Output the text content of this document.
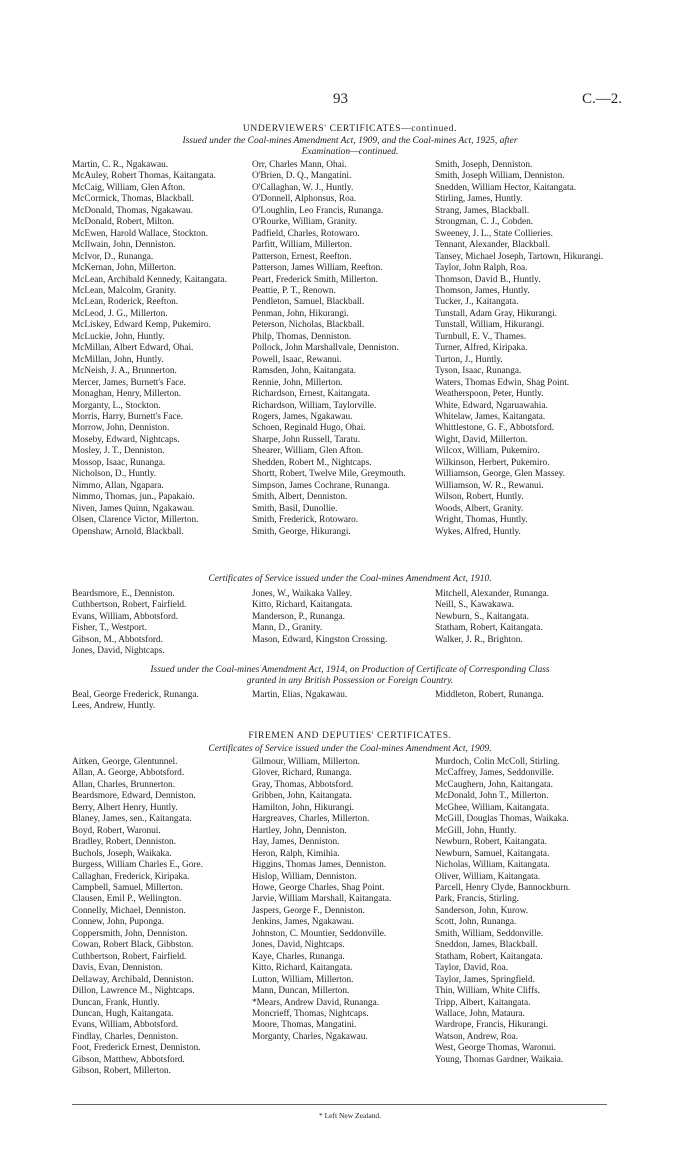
93	C.—2.
UNDERVIEWERS' CERTIFICATES—continued.
Issued under the Coal-mines Amendment Act, 1909, and the Coal-mines Act, 1925, after
Examination—continued.
Martin, C. R., Ngakawau.
McAuley, Robert Thomas, Kaitangata.
McCaig, William, Glen Afton.
McCormick, Thomas, Blackball.
McDonald, Thomas, Ngakawau.
McDonald, Robert, Milton.
McEwen, Harold Wallace, Stockton.
McIlwain, John, Denniston.
McIvor, D., Runanga.
McKernan, John, Millerton.
McLean, Archibald Kennedy, Kaitangata.
McLean, Malcolm, Granity.
McLean, Roderick, Reefton.
McLeod, J. G., Millerton.
McLiskey, Edward Kemp, Pukemiro.
McLuckie, John, Huntly.
McMillan, Albert Edward, Ohai.
McMillan, John, Huntly.
McNeish, J. A., Brunnerton.
Mercer, James, Burnett's Face.
Monaghan, Henry, Millerton.
Morganty, L., Stockton.
Morris, Harry, Burnett's Face.
Morrow, John, Denniston.
Moseby, Edward, Nightcaps.
Mosley, J. T., Denniston.
Mossop, Isaac, Runanga.
Nicholson, D., Huntly.
Nimmo, Allan, Ngapara.
Nimmo, Thomas, jun., Papakaio.
Niven, James Quinn, Ngakawau.
Olsen, Clarence Victor, Millerton.
Openshaw, Arnold, Blackball.
Orr, Charles Mann, Ohai.
O'Brien, D. Q., Mangatini.
O'Callaghan, W. J., Huntly.
O'Donnell, Alphonsus, Roa.
O'Loughlin, Leo Francis, Runanga.
O'Rourke, William, Granity.
Padfield, Charles, Rotowaro.
Parfitt, William, Millerton.
Patterson, Ernest, Reefton.
Patterson, James William, Reefton.
Peart, Frederick Smith, Millerton.
Peattie, P. T., Renown.
Pendleton, Samuel, Blackball.
Penman, John, Hikurangi.
Peterson, Nicholas, Blackball.
Philp, Thomas, Denniston.
Pollock, John Marshallvale, Denniston.
Powell, Isaac, Rewanui.
Ramsden, John, Kaitangata.
Rennie, John, Millerton.
Richardson, Ernest, Kaitangata.
Richardson, William, Taylorville.
Rogers, James, Ngakawau.
Schoen, Reginald Hugo, Ohai.
Sharpe, John Russell, Taratu.
Shearer, William, Glen Afton.
Shedden, Robert M., Nightcaps.
Shortt, Robert, Twelve Mile, Greymouth.
Simpson, James Cochrane, Runanga.
Smith, Albert, Denniston.
Smith, Basil, Dunollie.
Smith, Frederick, Rotowaro.
Smith, George, Hikurangi.
Smith, Joseph, Denniston.
Smith, Joseph William, Denniston.
Snedden, William Hector, Kaitangata.
Stirling, James, Huntly.
Strang, James, Blackball.
Strongman, C. J., Cobden.
Sweeney, J. L., State Collieries.
Tennant, Alexander, Blackball.
Tansey, Michael Joseph, Tartown, Hikurangi.
Taylor, John Ralph, Roa.
Thomson, David B., Huntly.
Thomson, James, Huntly.
Tucker, J., Kaitangata.
Tunstall, Adam Gray, Hikurangi.
Tunstall, William, Hikurangi.
Turnbull, E. V., Thames.
Turner, Alfred, Kiripaka.
Turton, J., Huntly.
Tyson, Isaac, Runanga.
Waters, Thomas Edwin, Shag Point.
Weatherspoon, Peter, Huntly.
White, Edward, Ngaruawahia.
Whitelaw, James, Kaitangata.
Whittlestone, G. F., Abbotsford.
Wight, David, Millerton.
Wilcox, William, Pukemiro.
Wilkinson, Herbert, Pukemiro.
Williamson, George, Glen Massey.
Williamson, W. R., Rewanui.
Wilson, Robert, Huntly.
Woods, Albert, Granity.
Wright, Thomas, Huntly.
Wykes, Alfred, Huntly.
Certificates of Service issued under the Coal-mines Amendment Act, 1910.
Beardsmore, E., Denniston.
Cuthbertson, Robert, Fairfield.
Evans, William, Abbotsford.
Fisher, T., Westport.
Gibson, M., Abbotsford.
Jones, David, Nightcaps.
Jones, W., Waikaka Valley.
Kitto, Richard, Kaitangata.
Manderson, P., Runanga.
Mann, D., Granity.
Mason, Edward, Kingston Crossing.
Mitchell, Alexander, Runanga.
Neill, S., Kawakawa.
Newburn, S., Kaitangata.
Statham, Robert, Kaitangata.
Walker, J. R., Brighton.
Issued under the Coal-mines Amendment Act, 1914, on Production of Certificate of Corresponding Class
granted in any British Possession or Foreign Country.
Beal, George Frederick, Runanga.
Lees, Andrew, Huntly.
Martin, Elias, Ngakawau.	Middleton, Robert, Runanga.
FIREMEN AND DEPUTIES' CERTIFICATES.
Certificates of Service issued under the Coal-mines Amendment Act, 1909.
Aitken, George, Glentunnel.
Allan, A. George, Abbotsford.
Allan, Charles, Brunnerton.
Beardsmore, Edward, Denniston.
Berry, Albert Henry, Huntly.
Blaney, James, sen., Kaitangata.
Boyd, Robert, Waronui.
Bradley, Robert, Denniston.
Buchols, Joseph, Waikaka.
Burgess, William Charles E., Gore.
Callaghan, Frederick, Kiripaka.
Campbell, Samuel, Millerton.
Clausen, Emil P., Wellington.
Connelly, Michael, Denniston.
Connew, John, Puponga.
Coppersmith, John, Denniston.
Cowan, Robert Black, Gibbston.
Cuthbertson, Robert, Fairfield.
Davis, Evan, Denniston.
Dellaway, Archibald, Denniston.
Dillon, Lawrence M., Nightcaps.
Duncan, Frank, Huntly.
Duncan, Hugh, Kaitangata.
Evans, William, Abbotsford.
Findlay, Charles, Denniston.
Foot, Frederick Ernest, Denniston.
Gibson, Matthew, Abbotsford.
Gibson, Robert, Millerton.
Gilmour, William, Millerton.
Glover, Richard, Runanga.
Gray, Thomas, Abbotsford.
Gribben, John, Kaitangata.
Hamilton, John, Hikurangi.
Hargreaves, Charles, Millerton.
Hartley, John, Denniston.
Hay, James, Denniston.
Heron, Ralph, Kimihia.
Higgins, Thomas James, Denniston.
Hislop, William, Denniston.
Howe, George Charles, Shag Point.
Jarvie, William Marshall, Kaitangata.
Jaspers, George F., Denniston.
Jenkins, James, Ngakawau.
Johnston, C. Mountier, Seddonville.
Jones, David, Nightcaps.
Kaye, Charles, Runanga.
Kitto, Richard, Kaitangata.
Lutton, William, Millerton.
Mann, Duncan, Millerton.
*Mears, Andrew David, Runanga.
Moncrieff, Thomas, Nightcaps.
Moore, Thomas, Mangatini.
Morganty, Charles, Ngakawau.
Murdoch, Colin McColl, Stirling.
McCaffrey, James, Seddonville.
McCaughern, John, Kaitangata.
McDonald, John T., Millerton.
McGhee, William, Kaitangata.
McGill, Douglas Thomas, Waikaka.
McGill, John, Huntly.
Newburn, Robert, Kaitangata.
Newburn, Samuel, Kaitangata.
Nicholas, William, Kaitangata.
Oliver, William, Kaitangata.
Parcell, Henry Clyde, Bannockburn.
Park, Francis, Stirling.
Sanderson, John, Kurow.
Scott, John, Runanga.
Smith, William, Seddonville.
Sneddon, James, Blackball.
Statham, Robert, Kaitangata.
Taylor, David, Roa.
Taylor, James, Springfield.
Thin, William, White Cliffs.
Tripp, Albert, Kaitangata.
Wallace, John, Mataura.
Wardrope, Francis, Hikurangi.
Watson, Andrew, Roa.
West, George Thomas, Waronui.
Young, Thomas Gardner, Waikaia.
* Left New Zealand.
